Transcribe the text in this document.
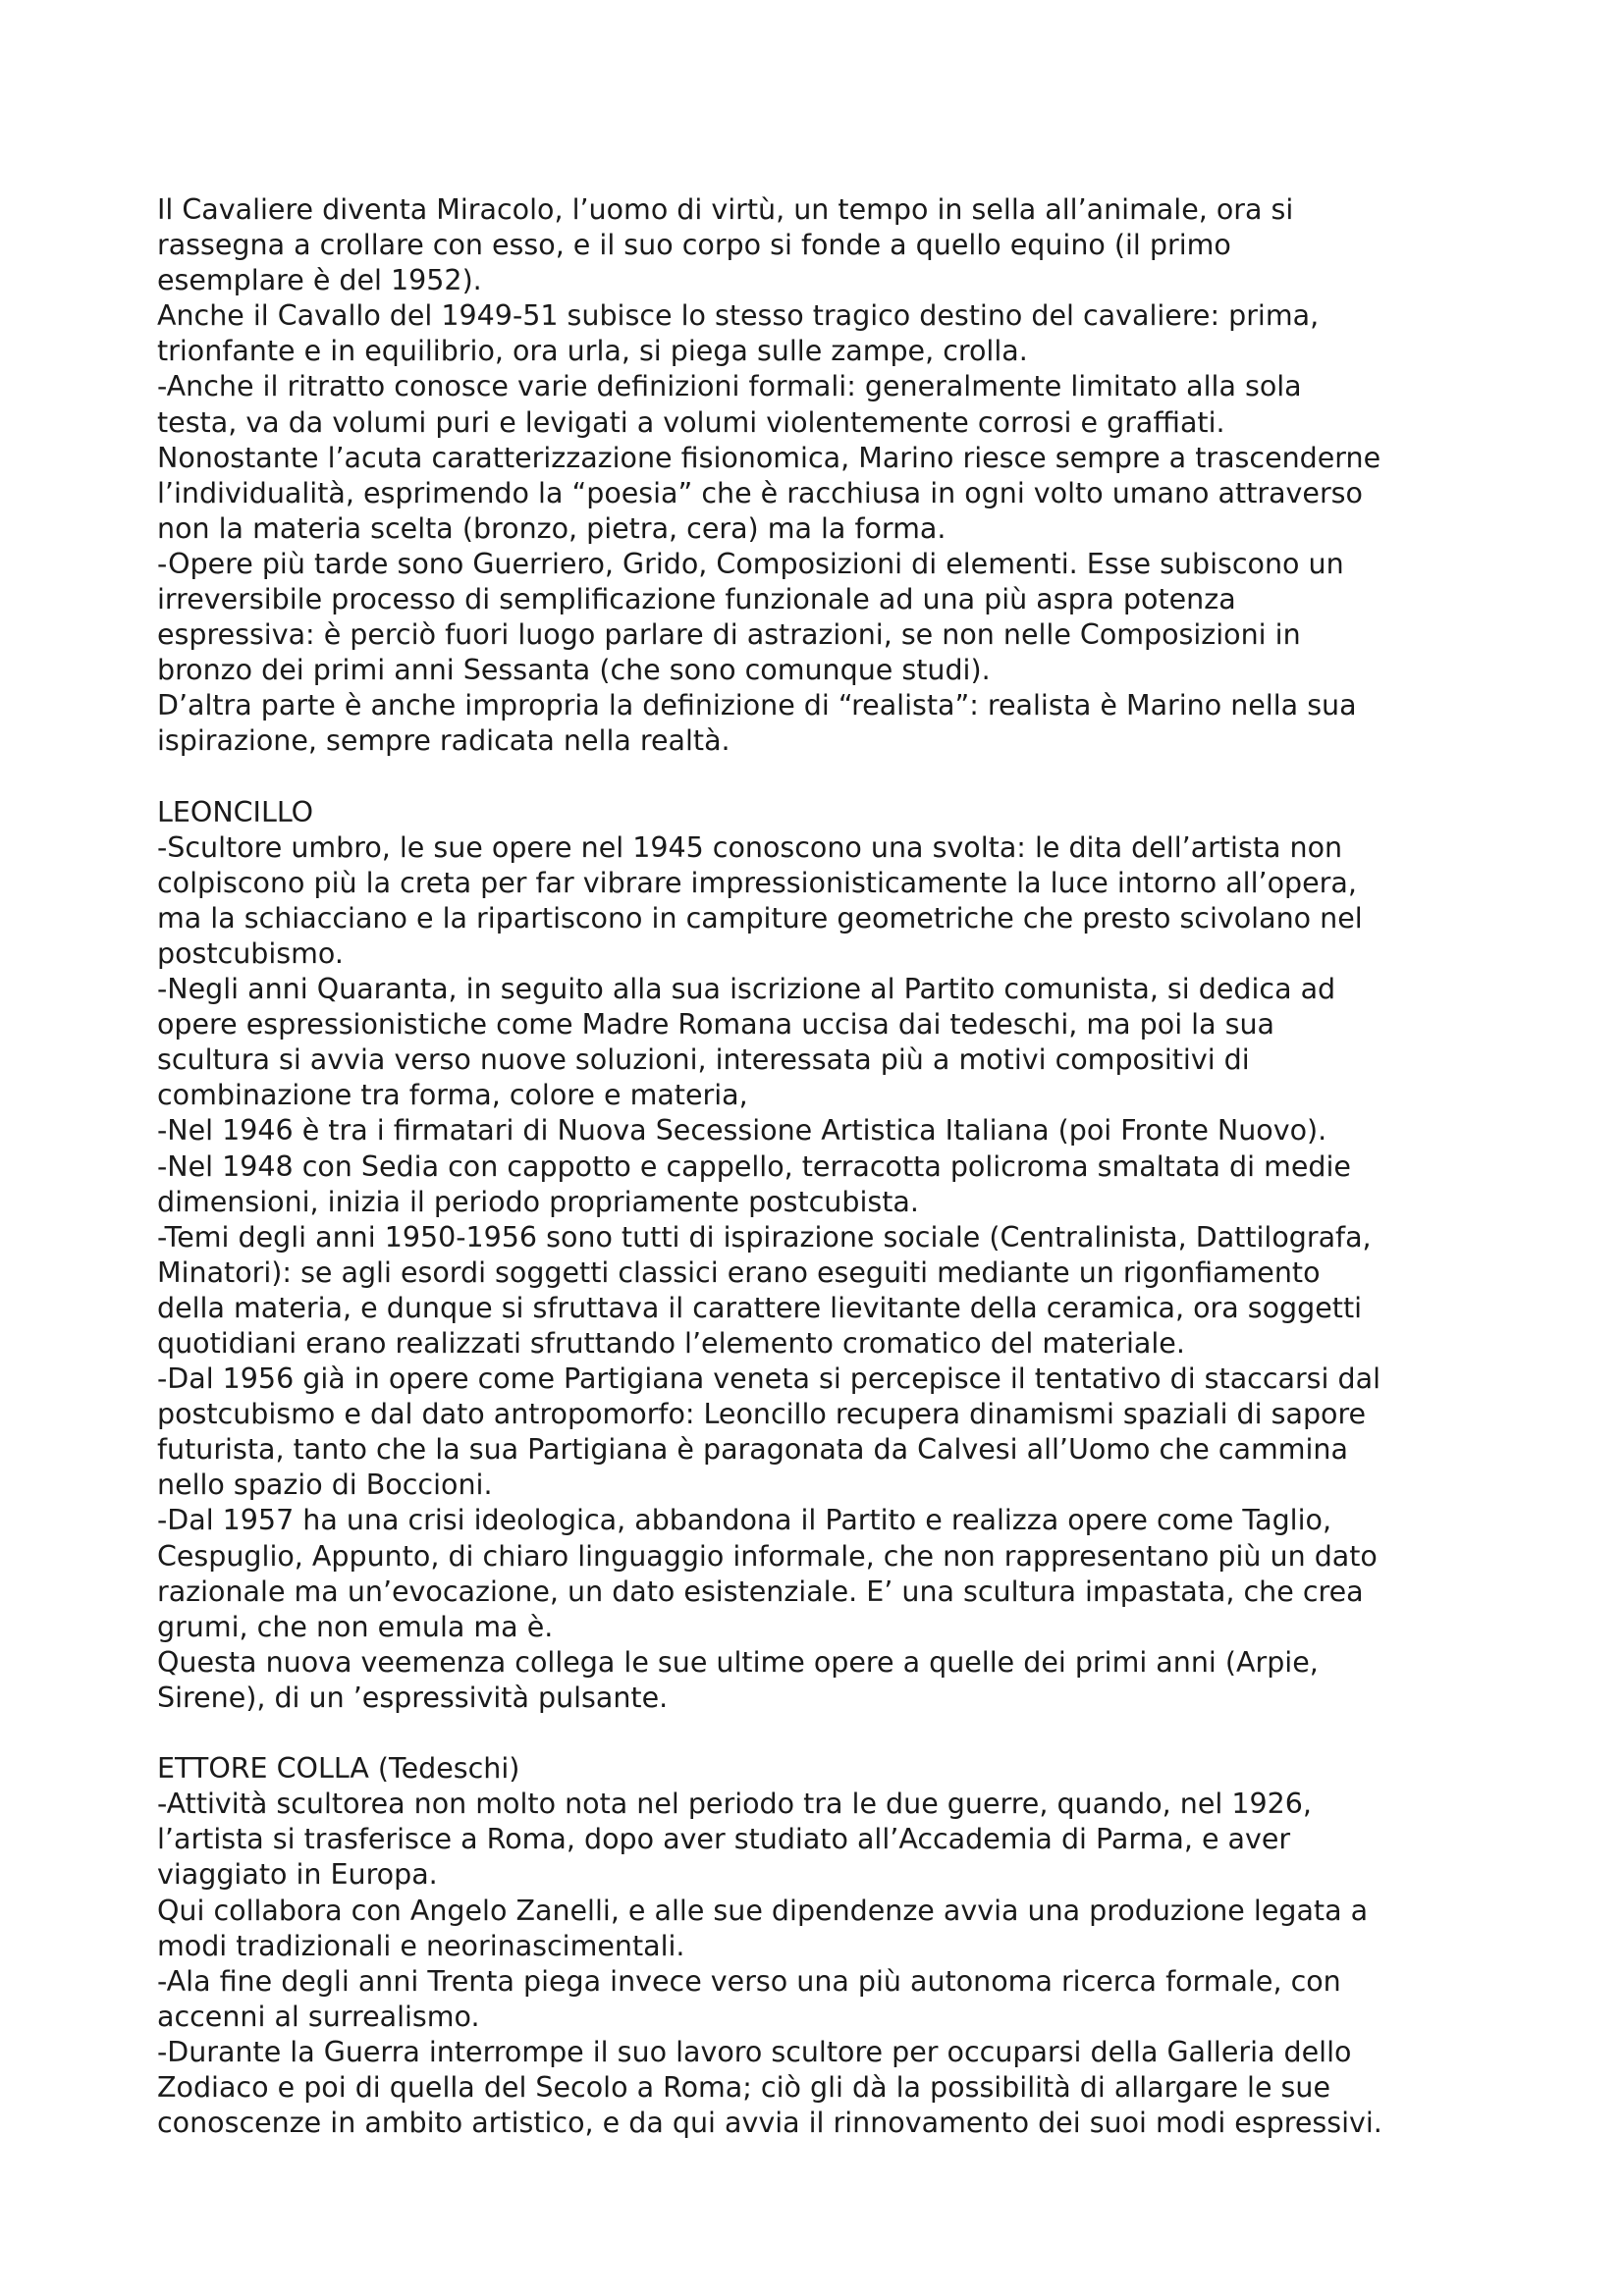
Il Cavaliere diventa Miracolo, l’uomo di virtù, un tempo in sella all’animale, ora si
rassegna a crollare con esso, e il suo corpo si fonde a quello equino (il primo
esemplare è del 1952).

Anche il Cavallo del 1949-51 subisce lo stesso tragico destino del cavaliere: prima,
trionfante e in equilibrio, ora urla, si piega sulle zampe, crolla.

-Anche il ritratto conosce varie definizioni formali: generalmente limitato alla sola
testa, va da volumi puri e levigati a volumi violentemente corrosi e graffiati.

Nonostante l’acuta caratterizzazione fisionomica, Marino riesce sempre a trascenderne
l’individualità, esprimendo la “poesia” che è racchiusa in ogni volto umano attraverso
non la materia scelta (bronzo, pietra, cera) ma la forma.

-Opere più tarde sono Guerriero, Grido, Composizioni di elementi. Esse subiscono un
irreversibile processo di semplificazione funzionale ad una più aspra potenza
espressiva: è perciò fuori luogo parlare di astrazioni, se non nelle Composizioni in
bronzo dei primi anni Sessanta (che sono comunque studi).

D’altra parte è anche impropria la definizione di “realista”: realista è Marino nella sua
ispirazione, sempre radicata nella realtà.

LEONCILLO

-Scultore umbro, le sue opere nel 1945 conoscono una svolta: le dita dell’artista non
colpiscono più la creta per far vibrare impressionisticamente la luce intorno all’opera,
ma la schiacciano e la ripartiscono in campiture geometriche che presto scivolano nel
postcubismo.

-Negli anni Quaranta, in seguito alla sua iscrizione al Partito comunista, si dedica ad
opere espressionistiche come Madre Romana uccisa dai tedeschi, ma poi la sua
scultura si avvia verso nuove soluzioni, interessata più a motivi compositivi di
combinazione tra forma, colore e materia,

-Nel 1946 è tra i firmatari di Nuova Secessione Artistica Italiana (poi Fronte Nuovo).

-Nel 1948 con Sedia con cappotto e cappello, terracotta policroma smaltata di medie
dimensioni, inizia il periodo propriamente postcubista.

-Temi degli anni 1950-1956 sono tutti di ispirazione sociale (Centralinista, Dattilografa,
Minatori): se agli esordi soggetti classici erano eseguiti mediante un rigonfiamento
della materia, e dunque si sfruttava il carattere lievitante della ceramica, ora soggetti
quotidiani erano realizzati sfruttando l’elemento cromatico del materiale.

-Dal 1956 già in opere come Partigiana veneta si percepisce il tentativo di staccarsi dal
postcubismo e dal dato antropomorfo: Leoncillo recupera dinamismi spaziali di sapore
futurista, tanto che la sua Partigiana è paragonata da Calvesi all’Uomo che cammina
nello spazio di Boccioni.

-Dal 1957 ha una crisi ideologica, abbandona il Partito e realizza opere come Taglio,
Cespuglio, Appunto, di chiaro linguaggio informale, che non rappresentano più un dato
razionale ma un’evocazione, un dato esistenziale. E’ una scultura impastata, che crea
grumi, che non emula ma è.

Questa nuova veemenza collega le sue ultime opere a quelle dei primi anni (Arpie,
Sirene), di un ’espressività pulsante.

ETTORE COLLA (Tedeschi)

-Attività scultorea non molto nota nel periodo tra le due guerre, quando, nel 1926,
l’artista si trasferisce a Roma, dopo aver studiato all’Accademia di Parma, e aver
viaggiato in Europa.

Qui collabora con Angelo Zanelli, e alle sue dipendenze avvia una produzione legata a
modi tradizionali e neorinascimentali.

-Ala fine degli anni Trenta piega invece verso una più autonoma ricerca formale, con
accenni al surrealismo.

-Durante la Guerra interrompe il suo lavoro scultore per occuparsi della Galleria dello
Zodiaco e poi di quella del Secolo a Roma; ciò gli dà la possibilità di allargare le sue
conoscenze in ambito artistico, e da qui avvia il rinnovamento dei suoi modi espressivi.
